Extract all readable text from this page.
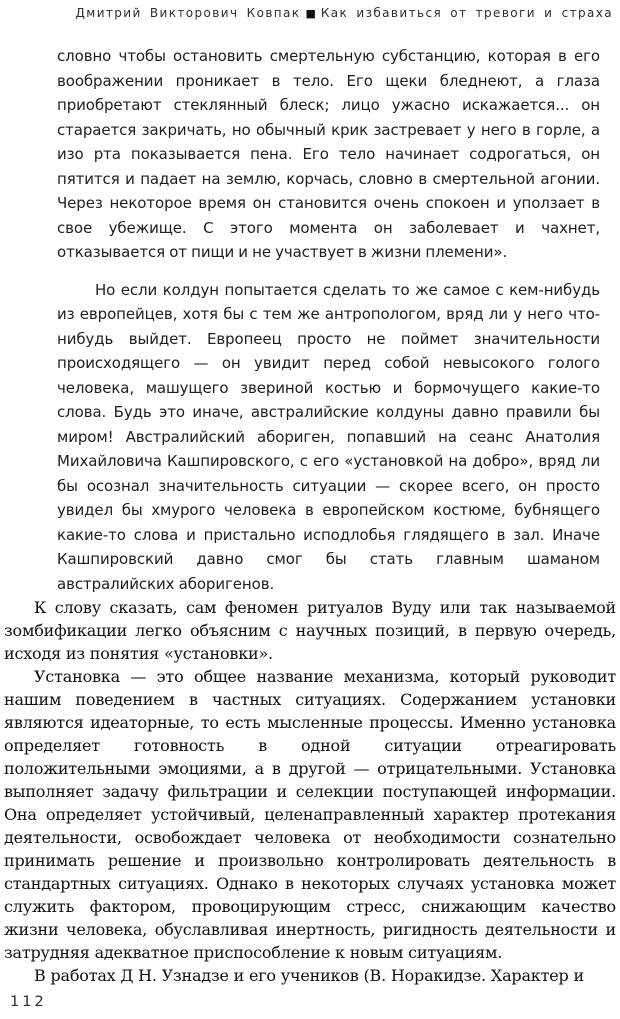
Дмитрий Викторович Ковпак ■ Как избавиться от тревоги и страха

словно чтобы остановить смертельную субстанцию, которая в его воображении проникает в тело. Его щеки бледнеют, а глаза приобретают стеклянный блеск; лицо ужасно искажается... он старается закричать, но обычный крик застревает у него в горле, а изо рта показывается пена. Его тело начинает содрогаться, он пятится и падает на землю, корчась, словно в смертельной агонии. Через некоторое время он становится очень спокоен и уползает в свое убежище. С этого момента он заболевает и чахнет, отказывается от пищи и не участвует в жизни племени».

Но если колдун попытается сделать то же самое с кем-нибудь из европейцев, хотя бы с тем же антропологом, вряд ли у него что-нибудь выйдет. Европеец просто не поймет значительности происходящего — он увидит перед собой невысокого голого человека, машущего звериной костью и бормочущего какие-то слова. Будь это иначе, австралийские колдуны давно правили бы миром! Австралийский абориген, попавший на сеанс Анатолия Михайловича Кашпировского, с его «установкой на добро», вряд ли бы осознал значительность ситуации — скорее всего, он просто увидел бы хмурого человека в европейском костюме, бубнящего какие-то слова и пристально исподлобья глядящего в зал. Иначе Кашпировский давно смог бы стать главным шаманом австралийских аборигенов.

К слову сказать, сам феномен ритуалов Вуду или так называемой зомбификации легко объясним с научных позиций, в первую очередь, исходя из понятия «установки».

Установка — это общее название механизма, который руководит нашим поведением в частных ситуациях. Содержанием установки являются идеаторные, то есть мысленные процессы. Именно установка определяет готовность в одной ситуации отреагировать положительными эмоциями, а в другой — отрицательными. Установка выполняет задачу фильтрации и селекции поступающей информации. Она определяет устойчивый, целенаправленный характер протекания деятельности, освобождает человека от необходимости сознательно принимать решение и произвольно контролировать деятельность в стандартных ситуациях. Однако в некоторых случаях установка может служить фактором, провоцирующим стресс, снижающим качество жизни человека, обуславливая инертность, ригидность деятельности и затрудняя адекватное приспособление к новым ситуациям.

В работах Д Н. Узнадзе и его учеников (В. Норакидзе. Характер и

112
